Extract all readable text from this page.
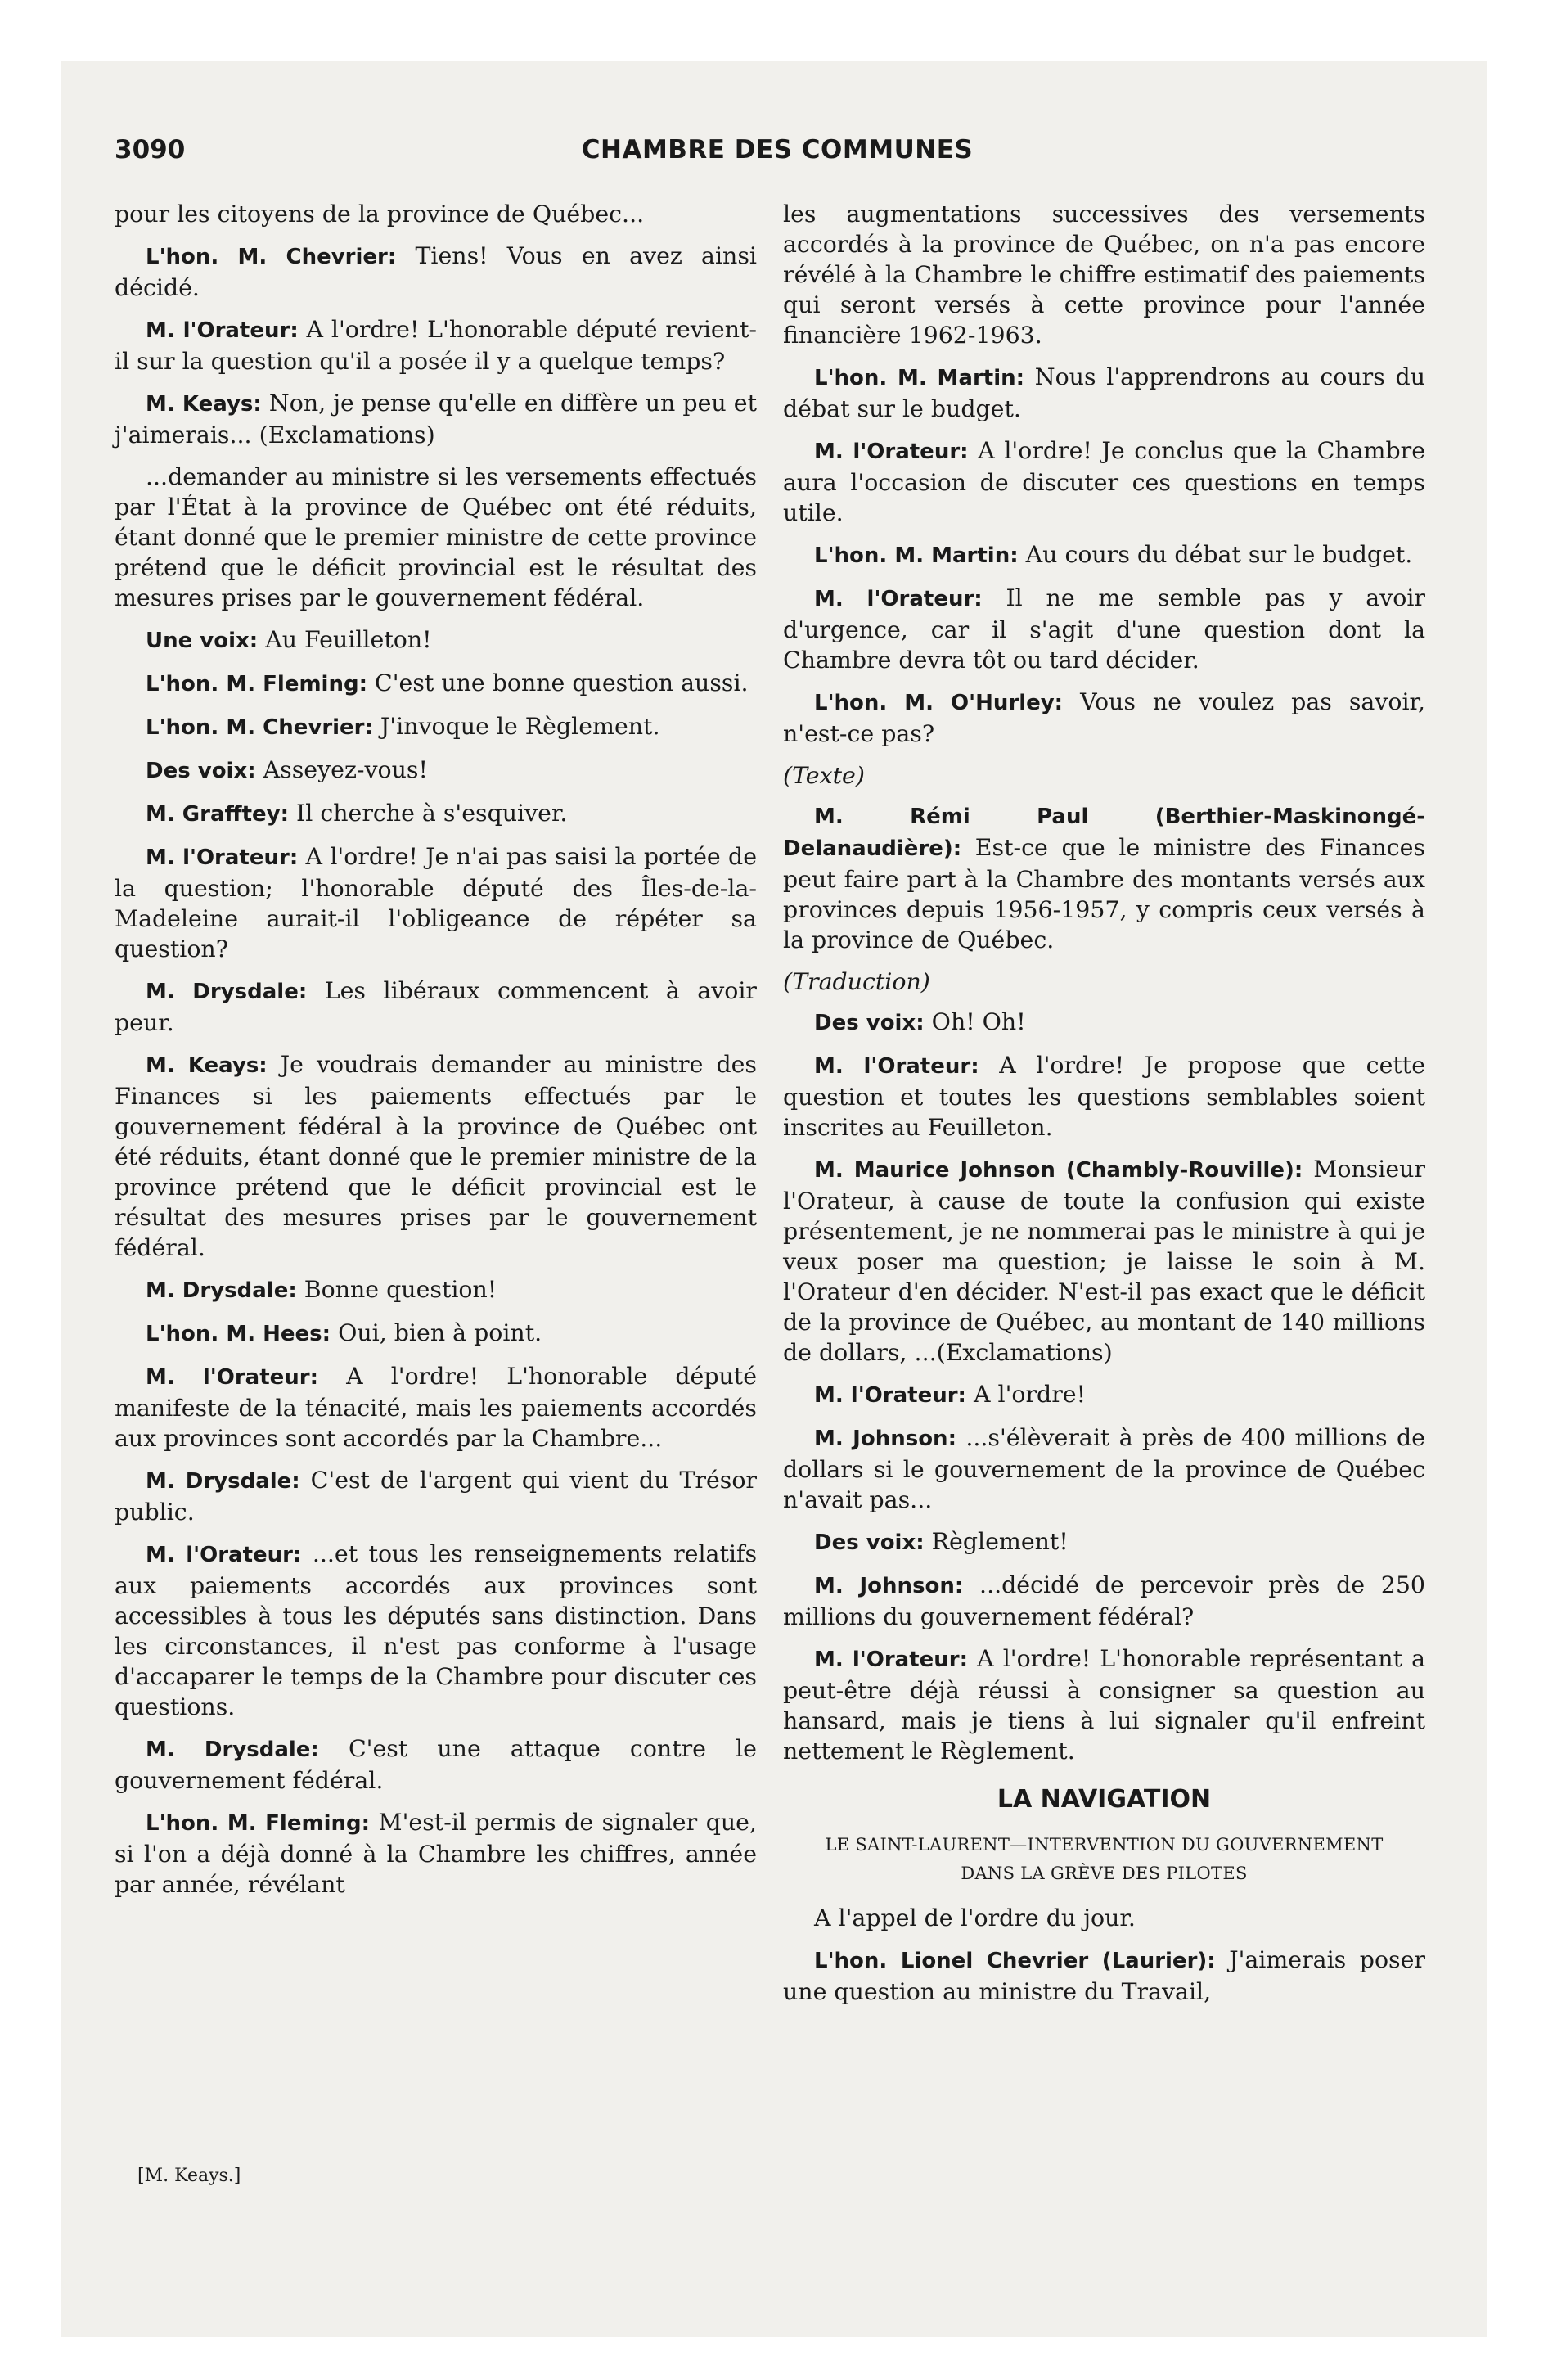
3090	CHAMBRE DES COMMUNES

pour les citoyens de la province de Québec...

L'hon. M. Chevrier: Tiens! Vous en avez ainsi décidé.

M. l'Orateur: A l'ordre! L'honorable député revient-il sur la question qu'il a posée il y a quelque temps?

M. Keays: Non, je pense qu'elle en diffère un peu et j'aimerais... (Exclamations)

...demander au ministre si les versements effectués par l'État à la province de Québec ont été réduits, étant donné que le premier ministre de cette province prétend que le déficit provincial est le résultat des mesures prises par le gouvernement fédéral.

Une voix: Au Feuilleton!

L'hon. M. Fleming: C'est une bonne question aussi.

L'hon. M. Chevrier: J'invoque le Règlement.

Des voix: Asseyez-vous!

M. Grafftey: Il cherche à s'esquiver.

M. l'Orateur: A l'ordre! Je n'ai pas saisi la portée de la question; l'honorable député des Îles-de-la-Madeleine aurait-il l'obligeance de répéter sa question?

M. Drysdale: Les libéraux commencent à avoir peur.

M. Keays: Je voudrais demander au ministre des Finances si les paiements effectués par le gouvernement fédéral à la province de Québec ont été réduits, étant donné que le premier ministre de la province prétend que le déficit provincial est le résultat des mesures prises par le gouvernement fédéral.

M. Drysdale: Bonne question!

L'hon. M. Hees: Oui, bien à point.

M. l'Orateur: A l'ordre! L'honorable député manifeste de la ténacité, mais les paiements accordés aux provinces sont accordés par la Chambre...

M. Drysdale: C'est de l'argent qui vient du Trésor public.

M. l'Orateur: ...et tous les renseignements relatifs aux paiements accordés aux provinces sont accessibles à tous les députés sans distinction. Dans les circonstances, il n'est pas conforme à l'usage d'accaparer le temps de la Chambre pour discuter ces questions.

M. Drysdale: C'est une attaque contre le gouvernement fédéral.

L'hon. M. Fleming: M'est-il permis de signaler que, si l'on a déjà donné à la Chambre les chiffres, année par année, révélant

les augmentations successives des versements accordés à la province de Québec, on n'a pas encore révélé à la Chambre le chiffre estimatif des paiements qui seront versés à cette province pour l'année financière 1962-1963.

L'hon. M. Martin: Nous l'apprendrons au cours du débat sur le budget.

M. l'Orateur: A l'ordre! Je conclus que la Chambre aura l'occasion de discuter ces questions en temps utile.

L'hon. M. Martin: Au cours du débat sur le budget.

M. l'Orateur: Il ne me semble pas y avoir d'urgence, car il s'agit d'une question dont la Chambre devra tôt ou tard décider.

L'hon. M. O'Hurley: Vous ne voulez pas savoir, n'est-ce pas?

(Texte)

M. Rémi Paul (Berthier-Maskinongé-Delanaudière): Est-ce que le ministre des Finances peut faire part à la Chambre des montants versés aux provinces depuis 1956-1957, y compris ceux versés à la province de Québec.

(Traduction)

Des voix: Oh! Oh!

M. l'Orateur: A l'ordre! Je propose que cette question et toutes les questions semblables soient inscrites au Feuilleton.

M. Maurice Johnson (Chambly-Rouville): Monsieur l'Orateur, à cause de toute la confusion qui existe présentement, je ne nommerai pas le ministre à qui je veux poser ma question; je laisse le soin à M. l'Orateur d'en décider. N'est-il pas exact que le déficit de la province de Québec, au montant de 140 millions de dollars, ...(Exclamations)

M. l'Orateur: A l'ordre!

M. Johnson: ...s'élèverait à près de 400 millions de dollars si le gouvernement de la province de Québec n'avait pas...

Des voix: Règlement!

M. Johnson: ...décidé de percevoir près de 250 millions du gouvernement fédéral?

M. l'Orateur: A l'ordre! L'honorable représentant a peut-être déjà réussi à consigner sa question au hansard, mais je tiens à lui signaler qu'il enfreint nettement le Règlement.

LA NAVIGATION
LE SAINT-LAURENT—INTERVENTION DU GOUVERNEMENT DANS LA GRÈVE DES PILOTES

A l'appel de l'ordre du jour.

L'hon. Lionel Chevrier (Laurier): J'aimerais poser une question au ministre du Travail,

[M. Keays.]
